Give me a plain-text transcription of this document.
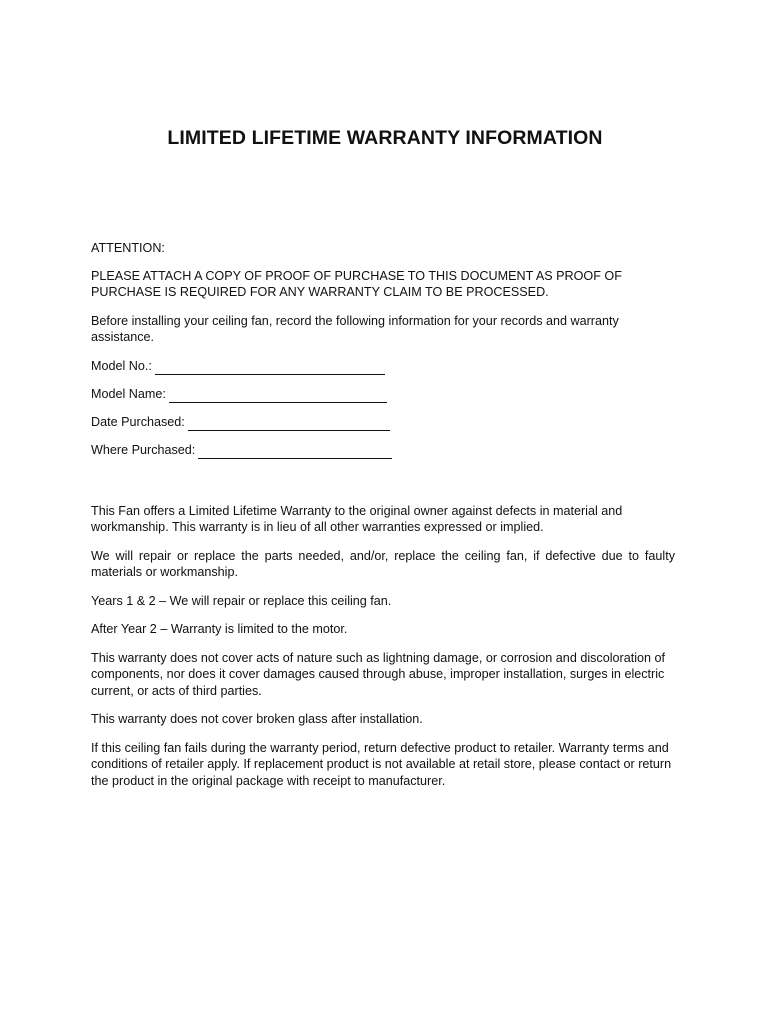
LIMITED LIFETIME WARRANTY INFORMATION

ATTENTION:

PLEASE ATTACH A COPY OF PROOF OF PURCHASE TO THIS DOCUMENT AS PROOF OF PURCHASE IS REQUIRED FOR ANY WARRANTY CLAIM TO BE PROCESSED.

Before installing your ceiling fan, record the following information for your records and warranty assistance.

Model No.:
Model Name:
Date Purchased:
Where Purchased:

This Fan offers a Limited Lifetime Warranty to the original owner against defects in material and workmanship. This warranty is in lieu of all other warranties expressed or implied.

We will repair or replace the parts needed, and/or, replace the ceiling fan, if defective due to faulty materials or workmanship.

Years 1 & 2 – We will repair or replace this ceiling fan.

After Year 2 – Warranty is limited to the motor.

This warranty does not cover acts of nature such as lightning damage, or corrosion and discoloration of components, nor does it cover damages caused through abuse, improper installation, surges in electric current, or acts of third parties.

This warranty does not cover broken glass after installation.

If this ceiling fan fails during the warranty period, return defective product to retailer. Warranty terms and conditions of retailer apply. If replacement product is not available at retail store, please contact or return the product in the original package with receipt to manufacturer.
